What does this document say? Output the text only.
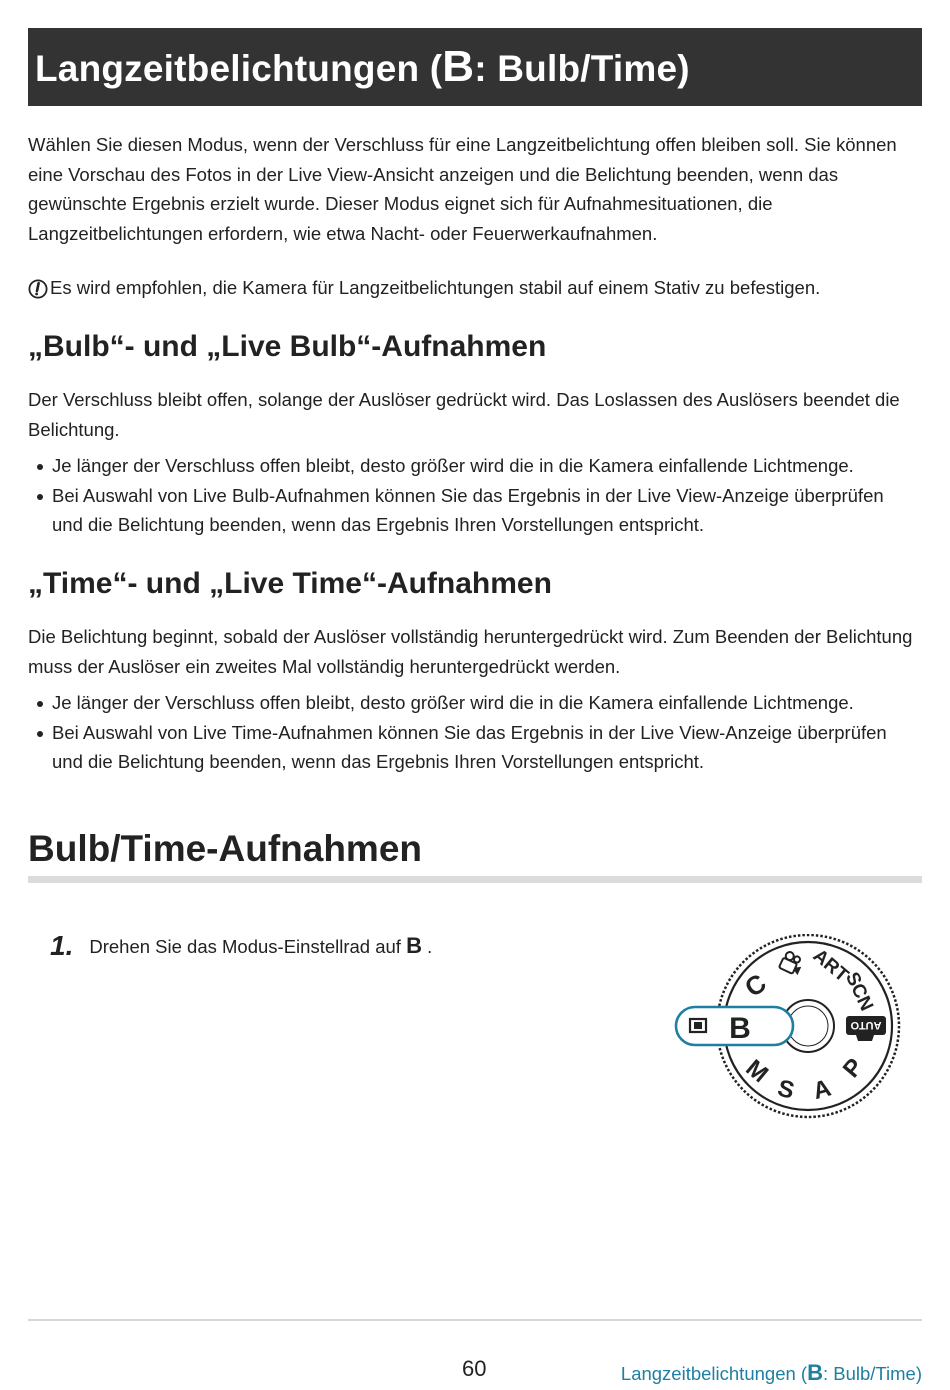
Langzeitbelichtungen (B: Bulb/Time)

Wählen Sie diesen Modus, wenn der Verschluss für eine Langzeitbelichtung offen bleiben soll. Sie können eine Vorschau des Fotos in der Live View-Ansicht anzeigen und die Belichtung beenden, wenn das gewünschte Ergebnis erzielt wurde. Dieser Modus eignet sich für Aufnahmesituationen, die Langzeitbelichtungen erfordern, wie etwa Nacht- oder Feuerwerkaufnahmen.

Es wird empfohlen, die Kamera für Langzeitbelichtungen stabil auf einem Stativ zu befestigen.
„Bulb“- und „Live Bulb“-Aufnahmen

Der Verschluss bleibt offen, solange der Auslöser gedrückt wird. Das Loslassen des Auslösers beendet die Belichtung.

Je länger der Verschluss offen bleibt, desto größer wird die in die Kamera einfallende Lichtmenge.
Bei Auswahl von Live Bulb-Aufnahmen können Sie das Ergebnis in der Live View-Anzeige überprüfen und die Belichtung beenden, wenn das Ergebnis Ihren Vorstellungen entspricht.
„Time“- und „Live Time“-Aufnahmen

Die Belichtung beginnt, sobald der Auslöser vollständig heruntergedrückt wird. Zum Beenden der Belichtung muss der Auslöser ein zweites Mal vollständig heruntergedrückt werden.

Je länger der Verschluss offen bleibt, desto größer wird die in die Kamera einfallende Lichtmenge.
Bei Auswahl von Live Time-Aufnahmen können Sie das Ergebnis in der Live View-Anzeige überprüfen und die Belichtung beenden, wenn das Ergebnis Ihren Vorstellungen entspricht.
Bulb/Time-Aufnahmen
1. Drehen Sie das Modus-Einstellrad auf B .
B
M
S A
P
AUTO
SCN
ART
C
60	Langzeitbelichtungen (B: Bulb/Time)
